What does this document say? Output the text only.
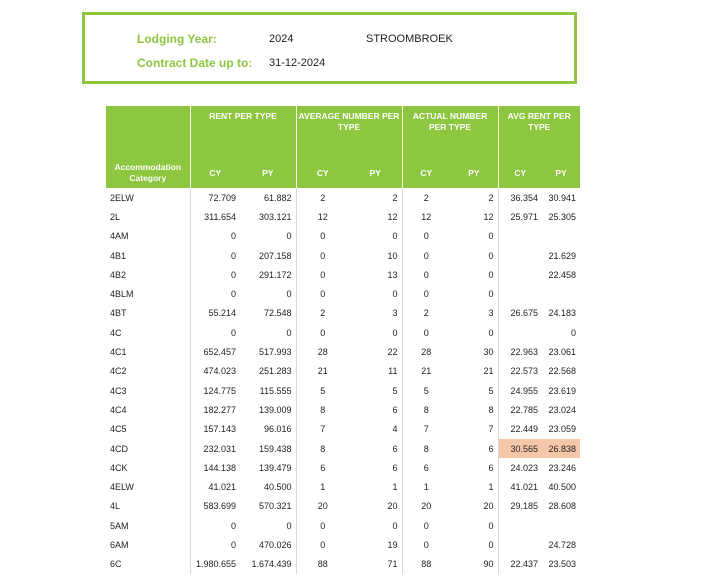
Lodging Year:	2024	STROOMBROEK
Contract Date up to: 31-12-2024
	RENT PER TYPE		AVERAGE NUMBER PER TYPE		ACTUAL NUMBER PER TYPE		AVG RENT PER TYPE	
Accommodation Category	CY	PY	CY	PY	CY	PY	CY	PY
2ELW	72.709	61.882	2	2	2	2	36.354	30.941
2L	311.654	303.121	12	12	12	12	25.971	25.305
4AM	0	0	0	0	0	0		
4B1	0	207.158	0	10	0	0		21.629
4B2	0	291.172	0	13	0	0		22.458
4BLM	0	0	0	0	0	0		
4BT	55.214	72.548	2	3	2	3	26.675	24.183
4C	0	0	0	0	0	0		0
4C1	652.457	517.993	28	22	28	30	22.963	23.061
4C2	474.023	251.283	21	11	21	21	22.573	22.568
4C3	124.775	115.555	5	5	5	5	24.955	23.619
4C4	182.277	139.009	8	6	8	8	22.785	23.024
4C5	157.143	96.016	7	4	7	7	22.449	23.059
4CD	232.031	159.438	8	6	8	6	30.565	26.838
4CK	144.138	139.479	6	6	6	6	24.023	23.246
4ELW	41.021	40.500	1	1	1	1	41.021	40.500
4L	583.699	570.321	20	20	20	20	29.185	28.608
5AM	0	0	0	0	0	0		
6AM	0	470.026	0	19	0	0		24.728
6C	1.980.655	1.674.439	88	71	88	90	22.437	23.503
